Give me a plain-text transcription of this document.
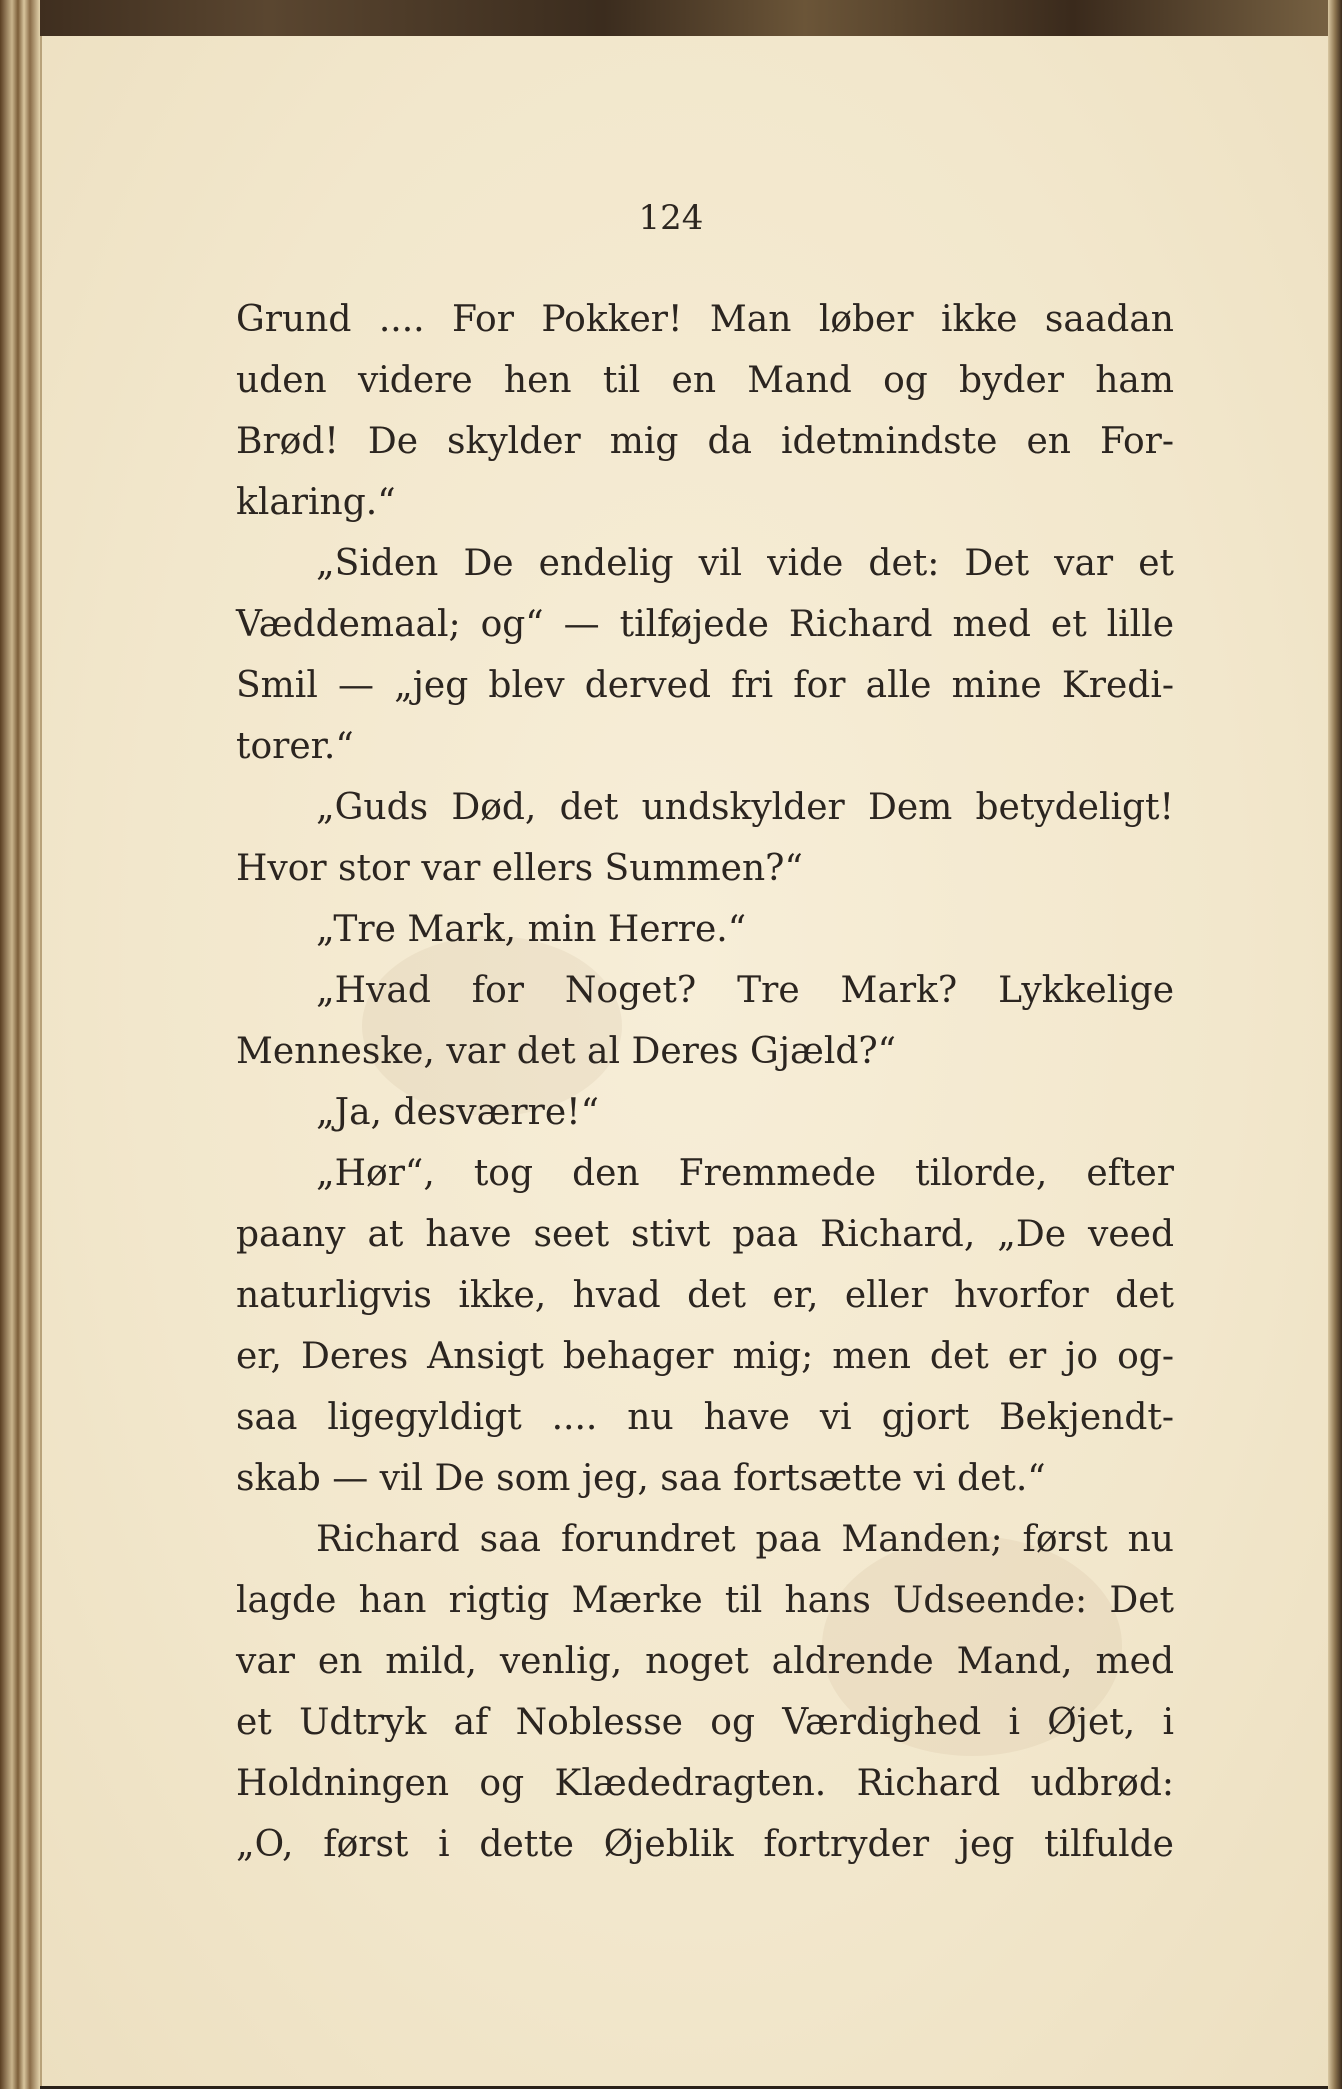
124
Grund .... For Pokker! Man løber ikke saadan
uden videre hen til en Mand og byder ham
Brød! De skylder mig da idetmindste en For-
klaring.“
„Siden De endelig vil vide det: Det var et
Væddemaal; og“ — tilføjede Richard med et lille
Smil — „jeg blev derved fri for alle mine Kredi-
torer.“
„Guds Død, det undskylder Dem betydeligt!
Hvor stor var ellers Summen?“
„Tre Mark, min Herre.“
„Hvad for Noget? Tre Mark? Lykkelige
Menneske, var det al Deres Gjæld?“
„Ja, desværre!“
„Hør“, tog den Fremmede tilorde, efter
paany at have seet stivt paa Richard, „De veed
naturligvis ikke, hvad det er, eller hvorfor det
er, Deres Ansigt behager mig; men det er jo og-
saa ligegyldigt .... nu have vi gjort Bekjendt-
skab — vil De som jeg, saa fortsætte vi det.“
Richard saa forundret paa Manden; først nu
lagde han rigtig Mærke til hans Udseende: Det
var en mild, venlig, noget aldrende Mand, med
et Udtryk af Noblesse og Værdighed i Øjet, i
Holdningen og Klædedragten. Richard udbrød:
„O, først i dette Øjeblik fortryder jeg tilfulde
